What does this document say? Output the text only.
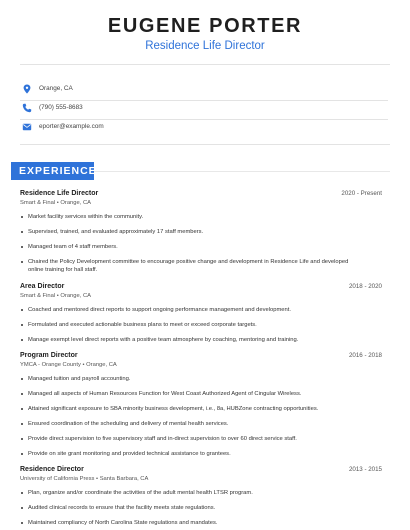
EUGENE PORTER
Residence Life Director
Orange, CA
(790) 555-8683
eporter@example.com
EXPERIENCE
Residence Life Director	2020 - Present
Smart & Final • Orange, CA
Market facility services within the community.
Supervised, trained, and evaluated approximately 17 staff members.
Managed team of 4 staff members.
Chaired the Policy Development committee to encourage positive change and development in Residence Life and developed online training for hall staff.
Area Director	2018 - 2020
Smart & Final • Orange, CA
Coached and mentored direct reports to support ongoing performance management and development.
Formulated and executed actionable business plans to meet or exceed corporate targets.
Manage exempt level direct reports with a positive team atmosphere by coaching, mentoring and training.
Program Director	2016 - 2018
YMCA - Orange County • Orange, CA
Managed tuition and payroll accounting.
Managed all aspects of Human Resources Function for West Coast Authorized Agent of Cingular Wireless.
Attained significant exposure to SBA minority business development, i.e., 8a, HUBZone contracting opportunities.
Ensured coordination of the scheduling and delivery of mental health services.
Provide direct supervision to five supervisory staff and in-direct supervision to over 60 direct service staff.
Provide on site grant monitoring and provided technical assistance to grantees.
Residence Director	2013 - 2015
University of California Press • Santa Barbara, CA
Plan, organize and/or coordinate the activities of the adult mental health LTSR program.
Audited clinical records to ensure that the facility meets state regulations.
Maintained compliancy of North Carolina State regulations and mandates.
